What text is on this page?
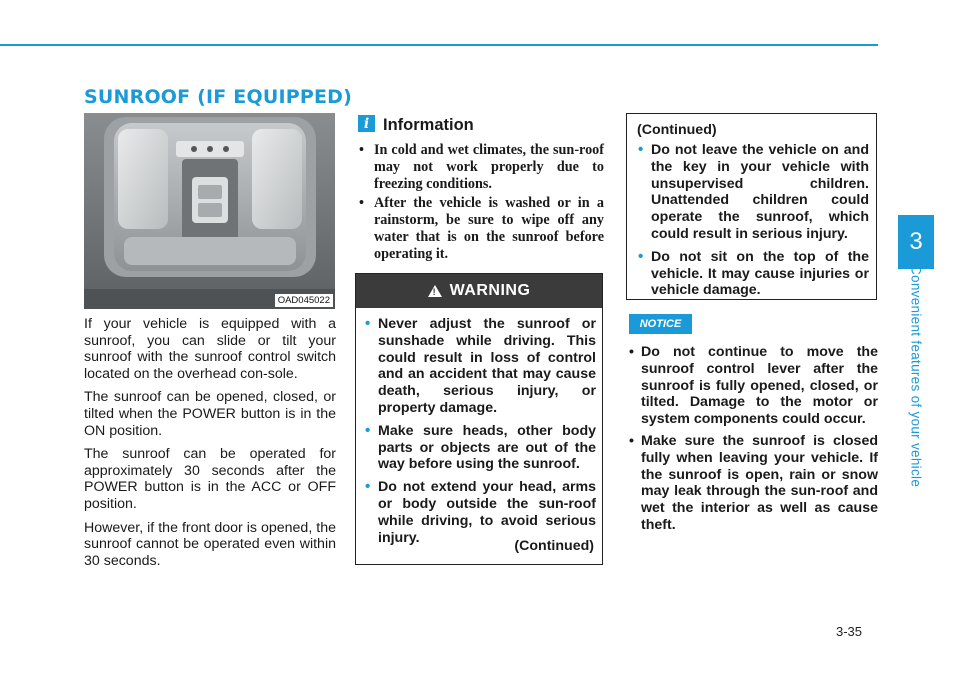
SUNROOF (IF EQUIPPED)
OAD045022

If your vehicle is equipped with a sunroof, you can slide or tilt your sunroof with the sunroof control switch located on the overhead con-sole.

The sunroof can be opened, closed, or tilted when the POWER button is in the ON position.

The sunroof can be operated for approximately 30 seconds after the POWER button is in the ACC or OFF position.

However, if the front door is opened, the sunroof cannot be operated even within 30 seconds.

i Information
• In cold and wet climates, the sun-roof may not work properly due to freezing conditions.
• After the vehicle is washed or in a rainstorm, be sure to wipe off any water that is on the sunroof before operating it.
! WARNING
• Never adjust the sunroof or sunshade while driving. This could result in loss of control and an accident that may cause death, serious injury, or property damage.
• Make sure heads, other body parts or objects are out of the way before using the sunroof.
• Do not extend your head, arms or body outside the sun-roof while driving, to avoid serious injury.
(Continued)
(Continued)
• Do not leave the vehicle on and the key in your vehicle with unsupervised children. Unattended children could operate the sunroof, which could result in serious injury.
• Do not sit on the top of the vehicle. It may cause injuries or vehicle damage.
NOTICE
• Do not continue to move the sunroof control lever after the sunroof is fully opened, closed, or tilted. Damage to the motor or system components could occur.
• Make sure the sunroof is closed fully when leaving your vehicle. If the sunroof is open, rain or snow may leak through the sun-roof and wet the interior as well as cause theft.
3
Convenient features of your vehicle
3-35
